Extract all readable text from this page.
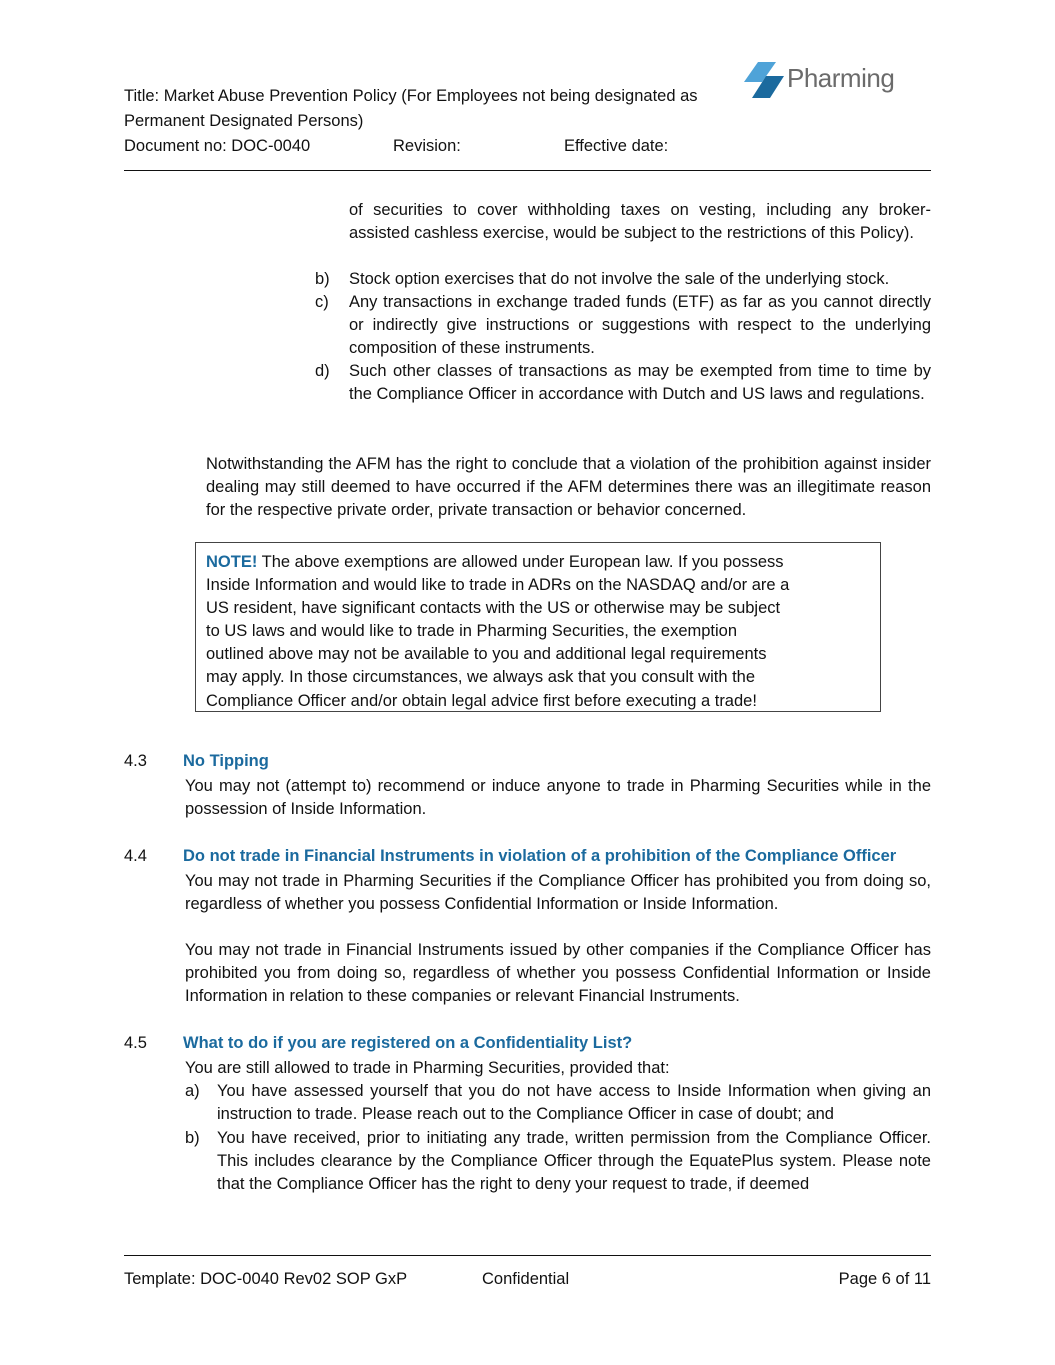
Title: Market Abuse Prevention Policy (For Employees not being designated as
Permanent Designated Persons)
Document no: DOC-0040	Revision:	Effective date:
Pharming
of securities to cover withholding taxes on vesting, including any broker-assisted cashless exercise, would be subject to the restrictions of this Policy).
b)	Stock option exercises that do not involve the sale of the underlying stock.
c)	Any transactions in exchange traded funds (ETF) as far as you cannot directly or indirectly give instructions or suggestions with respect to the underlying composition of these instruments.
d)	Such other classes of transactions as may be exempted from time to time by the Compliance Officer in accordance with Dutch and US laws and regulations.
Notwithstanding the AFM has the right to conclude that a violation of the prohibition against insider dealing may still deemed to have occurred if the AFM determines there was an illegitimate reason for the respective private order, private transaction or behavior concerned.
NOTE! The above exemptions are allowed under European law. If you possess
Inside Information and would like to trade in ADRs on the NASDAQ and/or are a
US resident, have significant contacts with the US or otherwise may be subject
to US laws and would like to trade in Pharming Securities, the exemption
outlined above may not be available to you and additional legal requirements
may apply. In those circumstances, we always ask that you consult with the
Compliance Officer and/or obtain legal advice first before executing a trade!
4.3 No Tipping
You may not (attempt to) recommend or induce anyone to trade in Pharming Securities while in the possession of Inside Information.
4.4 Do not trade in Financial Instruments in violation of a prohibition of the Compliance Officer
You may not trade in Pharming Securities if the Compliance Officer has prohibited you from doing so, regardless of whether you possess Confidential Information or Inside Information.
You may not trade in Financial Instruments issued by other companies if the Compliance Officer has prohibited you from doing so, regardless of whether you possess Confidential Information or Inside Information in relation to these companies or relevant Financial Instruments.
4.5 What to do if you are registered on a Confidentiality List?
You are still allowed to trade in Pharming Securities, provided that:
a)	You have assessed yourself that you do not have access to Inside Information when giving an instruction to trade. Please reach out to the Compliance Officer in case of doubt; and
b)	You have received, prior to initiating any trade, written permission from the Compliance Officer. This includes clearance by the Compliance Officer through the EquatePlus system. Please note that the Compliance Officer has the right to deny your request to trade, if deemed
Template: DOC-0040 Rev02 SOP GxP	Confidential	Page 6 of 11
